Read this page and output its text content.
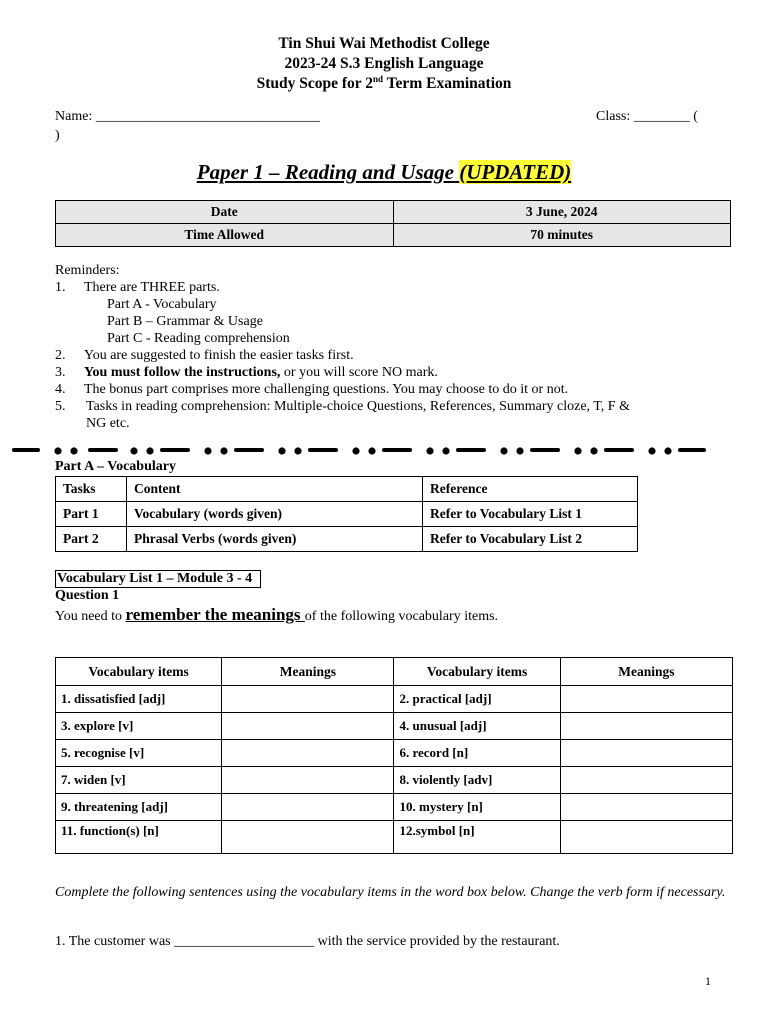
Tin Shui Wai Methodist College
2023-24 S.3 English Language
Study Scope for 2nd Term Examination
Name: ________________________________	Class: ________ (
)
Paper 1 – Reading and Usage (UPDATED)
Date	3 June, 2024
Time Allowed	70 minutes
Reminders:
1. There are THREE parts.
Part A - Vocabulary
Part B – Grammar & Usage
Part C - Reading comprehension
2. You are suggested to finish the easier tasks first.
3. You must follow the instructions, or you will score NO mark.
4. The bonus part comprises more challenging questions. You may choose to do it or not.
5. Tasks in reading comprehension: Multiple-choice Questions, References, Summary cloze, T, F &
NG etc.
Part A – Vocabulary
Tasks	Content	Reference
Part 1	Vocabulary (words given)	Refer to Vocabulary List 1
Part 2	Phrasal Verbs (words given)	Refer to Vocabulary List 2
Vocabulary List 1 – Module 3 - 4
Question 1
You need to remember the meanings of the following vocabulary items.
Vocabulary items	Meanings	Vocabulary items	Meanings
1. dissatisfied [adj]		2. practical [adj]	
3. explore [v]		4. unusual [adj]	
5. recognise [v]		6. record [n]	
7. widen [v]		8. violently [adv]	
9. threatening [adj]		10. mystery [n]	
11. function(s) [n]		12.symbol [n]	
Complete the following sentences using the vocabulary items in the word box below. Change the verb form if necessary.
1. The customer was ____________________ with the service provided by the restaurant.
1
